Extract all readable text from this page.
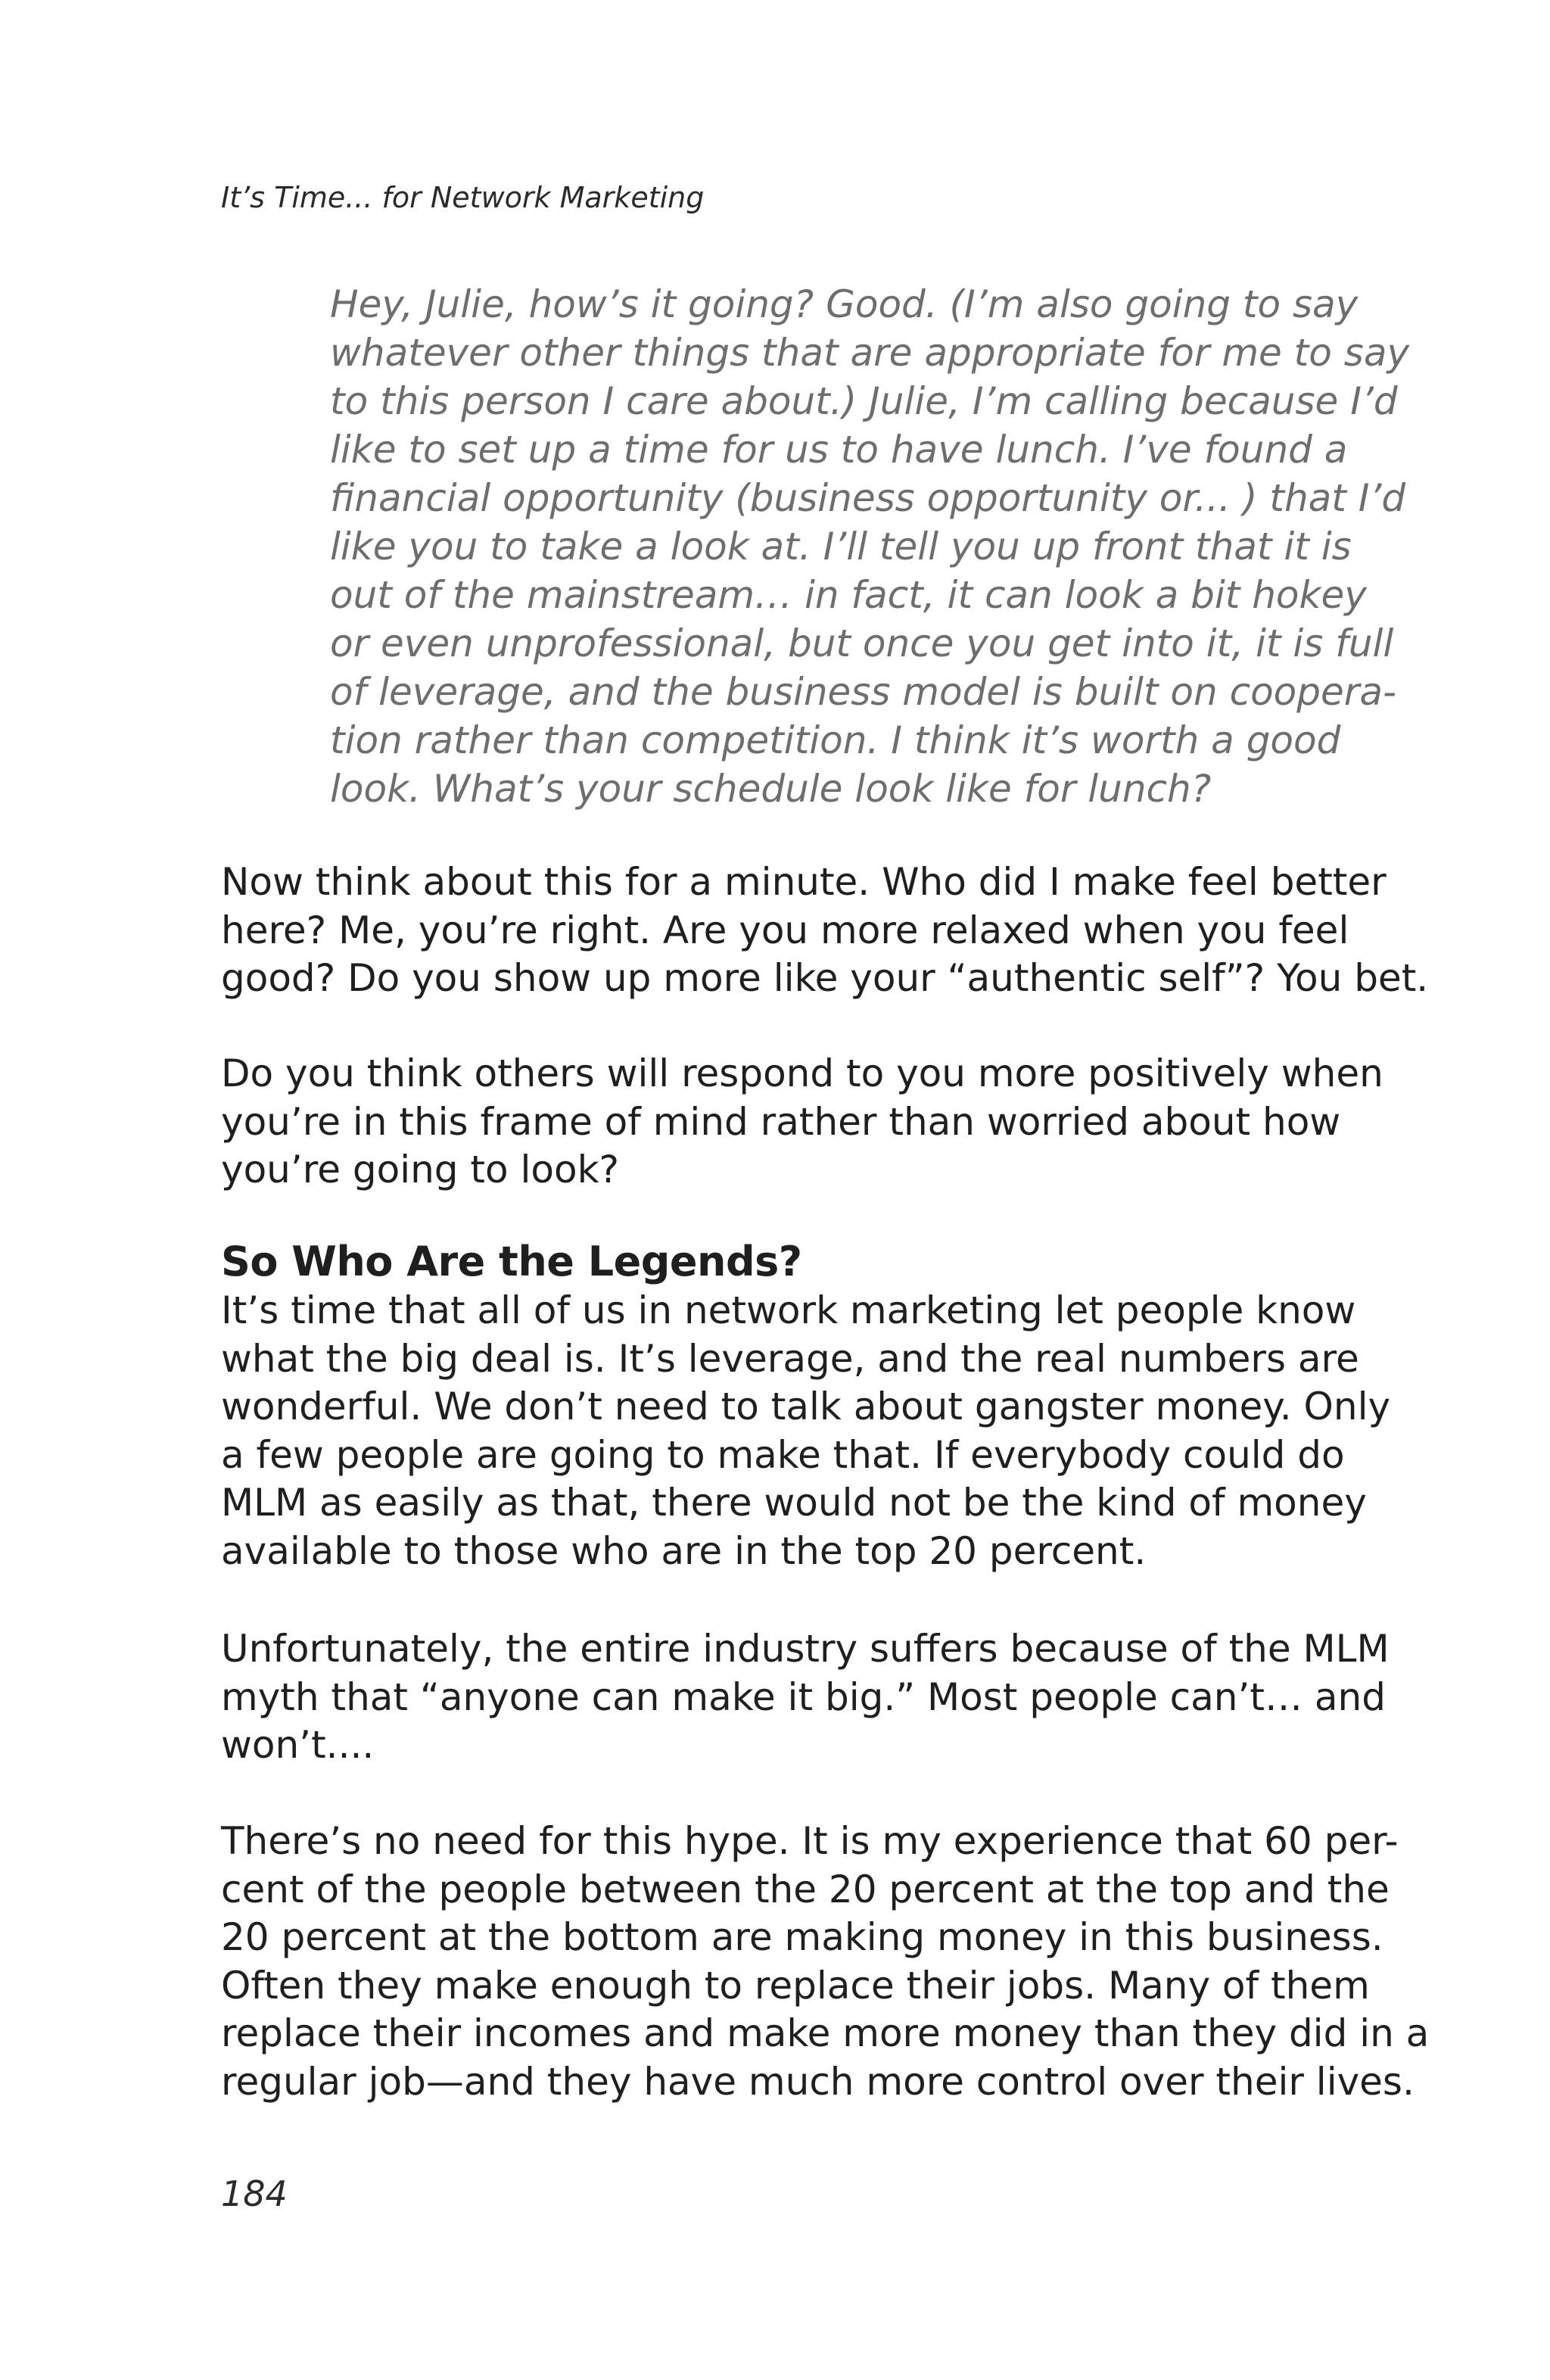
It’s Time... for Network Marketing
Hey, Julie, how’s it going? Good. (I’m also going to say
whatever other things that are appropriate for me to say
to this person I care about.) Julie, I’m calling because I’d
like to set up a time for us to have lunch. I’ve found a
financial opportunity (business opportunity or... ) that I’d
like you to take a look at. I’ll tell you up front that it is
out of the mainstream… in fact, it can look a bit hokey
or even unprofessional, but once you get into it, it is full
of leverage, and the business model is built on coopera-
tion rather than competition. I think it’s worth a good
look. What’s your schedule look like for lunch?
Now think about this for a minute. Who did I make feel better
here? Me, you’re right. Are you more relaxed when you feel
good? Do you show up more like your “authentic self”? You bet.
Do you think others will respond to you more positively when
you’re in this frame of mind rather than worried about how
you’re going to look?
So Who Are the Legends?
It’s time that all of us in network marketing let people know
what the big deal is. It’s leverage, and the real numbers are
wonderful. We don’t need to talk about gangster money. Only
a few people are going to make that. If everybody could do
MLM as easily as that, there would not be the kind of money
available to those who are in the top 20 percent.
Unfortunately, the entire industry suffers because of the MLM
myth that “anyone can make it big.” Most people can’t… and
won’t....
There’s no need for this hype. It is my experience that 60 per-
cent of the people between the 20 percent at the top and the
20 percent at the bottom are making money in this business.
Often they make enough to replace their jobs. Many of them
replace their incomes and make more money than they did in a
regular job—and they have much more control over their lives.
184
